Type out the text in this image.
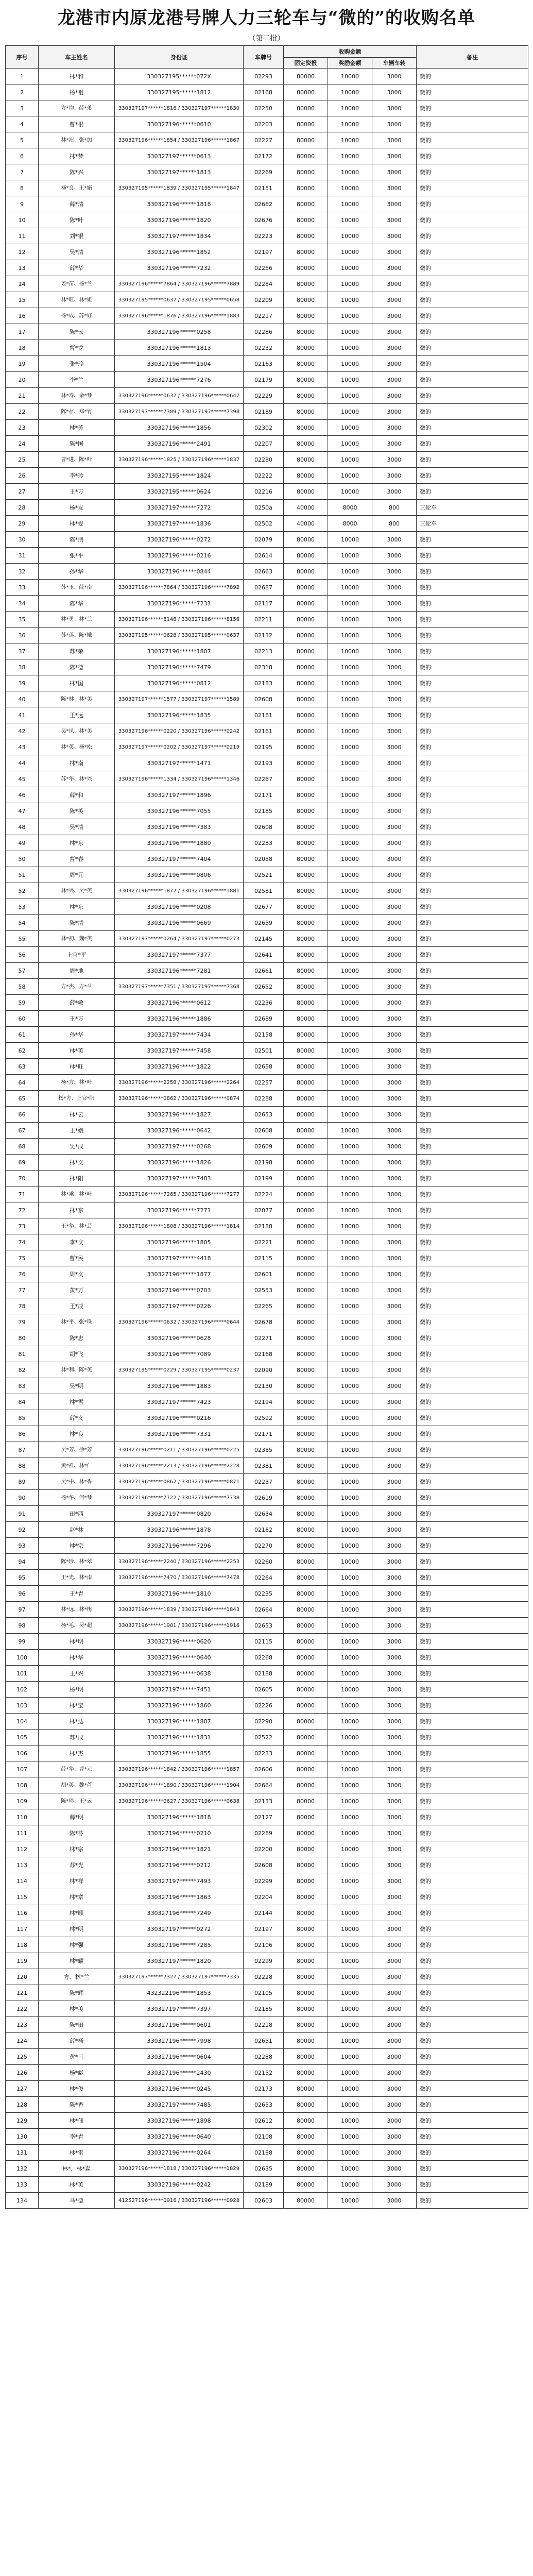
龙港市内原龙港号牌人力三轮车与“微的”的收购名单
（第二批）
序号	车主姓名	身份证	车牌号	收购金额			备注
				固定资报	奖励金额	车辆车转	
1	林*和	330327195******072X	02293	80000	10000	3000	微的
2	杨*祖	330327195******1812	02168	80000	10000	3000	微的
3	方*均、薛*弟	330327197******1816 / 330327197******1830	02250	80000	10000	3000	微的
4	曹*根	330327196******0610	02203	80000	10000	3000	微的
5	林*演、张*加	330327196******1854 / 330327196******1867	02227	80000	10000	3000	微的
6	林*梦	330327197******0613	02172	80000	10000	3000	微的
7	陈*兴	330327197******1813	02269	80000	10000	3000	微的
8	杨*良、王*娟	330327195******1839 / 330327195******1847	02151	80000	10000	3000	微的
9	薛*清	330327196******1818	02662	80000	10000	3000	微的
10	陈*叶	330327196******1820	02676	80000	10000	3000	微的
11	刘*银	330327197******1834	02223	80000	10000	3000	微的
12	吴*清	330327196******1852	02197	80000	10000	3000	微的
13	薛*华	330327196******7232	02256	80000	10000	3000	微的
14	姜*苗、杨*兰	330327196******7864 / 330327196******7889	02284	80000	10000	3000	微的
15	林*旺、林*姐	330327195******0637 / 330327195******0658	02209	80000	10000	3000	微的
16	杨*成、苏*好	330327196******1876 / 330327196******1883	02217	80000	10000	3000	微的
17	陈*云	330327196******0258	02286	80000	10000	3000	微的
18	曹*龙	330327196******1813	02232	80000	10000	3000	微的
19	张*珍	330327196******1504	02163	80000	10000	3000	微的
20	李*兰	330327196******7276	02179	80000	10000	3000	微的
21	林*寿、余*琴	330327196******0637 / 330327196******0647	02229	80000	10000	3000	微的
22	陈*存、郑*竹	330327197******7389 / 330327197******7398	02189	80000	10000	3000	微的
23	林*芳	330327196******1856	02302	80000	10000	3000	微的
24	陈*国	330327196******2491	02207	80000	10000	3000	微的
25	曹*进、陈*叶	330327196******1825 / 330327196******1837	02280	80000	10000	3000	微的
26	李*珍	330327195******1824	02222	80000	10000	3000	微的
27	王*万	330327195******0624	02216	80000	10000	3000	微的
28	杨*友	330327197******7272	0250a	40000	8000	800	三轮车
29	林*爱	330327197******1836	02502	40000	8000	800	三轮车
30	陈*朋	330327196******0272	02079	80000	10000	3000	微的
31	张*平	330327196******0216	02614	80000	10000	3000	微的
32	孙*华	330327196******0844	02663	80000	10000	3000	微的
33	苏*玉、薛*南	330327196******7864 / 330327196******7892	02687	80000	10000	3000	微的
34	陈*华	330327196******7231	02117	80000	10000	3000	微的
35	林*勇、林*兰	330327196******8148 / 330327196******8156	02211	80000	10000	3000	微的
36	苏*莲、陈*娥	330327195******0628 / 330327195******0637	02132	80000	10000	3000	微的
37	苏*荣	330327196******1807	02213	80000	10000	3000	微的
38	陈*德	330327196******7479	02318	80000	10000	3000	微的
39	林*国	330327196******0812	02183	80000	10000	3000	微的
40	陈*林、林*美	330327197******1577 / 330327197******1589	02608	80000	10000	3000	微的
41	王*远	330327196******1835	02181	80000	10000	3000	微的
42	吴*凤、林*美	330327196******0220 / 330327196******0242	02161	80000	10000	3000	微的
43	林*英、杨*松	330327197******0202 / 330327197******0219	02195	80000	10000	3000	微的
44	林*南	330327197******1471	02193	80000	10000	3000	微的
45	苏*华、林*兴	330327196******1334 / 330327196******1346	02267	80000	10000	3000	微的
46	薛*和	330327197******1896	02171	80000	10000	3000	微的
47	陈*英	330327196******7055	02185	80000	10000	3000	微的
48	吴*清	330327196******7383	02608	80000	10000	3000	微的
49	林*东	330327196******1880	02283	80000	10000	3000	微的
50	曹*春	330327197******7404	02058	80000	10000	3000	微的
51	周*元	330327196******0806	02521	80000	10000	3000	微的
52	林*兴、吴*英	330327196******1872 / 330327196******1881	02581	80000	10000	3000	微的
53	林*东	330327196******0208	02677	80000	10000	3000	微的
54	陈*清	330327196******0669	02659	80000	10000	3000	微的
55	林*初、魏*英	330327197******0264 / 330327197******0273	02145	80000	10000	3000	微的
56	上官*平	330327197******7377	02641	80000	10000	3000	微的
57	周*地	330327196******7281	02661	80000	10000	3000	微的
58	方*杰、方*兰	330327197******7351 / 330327197******7368	02652	80000	10000	3000	微的
59	薛*敏	330327196******0612	02236	80000	10000	3000	微的
60	王*万	330327196******1886	02689	80000	10000	3000	微的
61	孙*华	330327197******7434	02158	80000	10000	3000	微的
62	林*英	330327197******7458	02501	80000	10000	3000	微的
63	林*旺	330327196******1822	02658	80000	10000	3000	微的
64	杨*方、林*叶	330327196******2258 / 330327196******2264	02257	80000	10000	3000	微的
65	杨*方、上官*阳	330327196******0862 / 330327196******0874	02288	80000	10000	3000	微的
66	林*云	330327196******1827	02653	80000	10000	3000	微的
67	王*娥	330327196******0642	02608	80000	10000	3000	微的
68	吴*成	330327197******0268	02609	80000	10000	3000	微的
69	林*义	330327196******1826	02198	80000	10000	3000	微的
70	林*阳	330327197******7483	02199	80000	10000	3000	微的
71	林*乘、林*叶	330327196******7265 / 330327196******7277	02224	80000	10000	3000	微的
72	林*东	330327196******7271	02077	80000	10000	3000	微的
73	王*华、林*芸	330327196******1808 / 330327196******1814	02188	80000	10000	3000	微的
74	李*文	330327196******1805	02221	80000	10000	3000	微的
75	曹*民	330327197******4418	02115	80000	10000	3000	微的
76	周*义	330327196******1877	02601	80000	10000	3000	微的
77	黄*万	330327196******0703	02553	80000	10000	3000	微的
78	王*成	330327197******0226	02265	80000	10000	3000	微的
79	林*平、张*珠	330327196******0632 / 330327196******0644	02678	80000	10000	3000	微的
80	陈*忠	330327196******0628	02271	80000	10000	3000	微的
81	胡*飞	330327196******7089	02168	80000	10000	3000	微的
82	林*利、陈*英	330327195******0229 / 330327195******0237	02090	80000	10000	3000	微的
83	吴*明	330327196******1883	02130	80000	10000	3000	微的
84	林*雪	330327197******7423	02194	80000	10000	3000	微的
85	薛*义	330327196******0216	02592	80000	10000	3000	微的
86	林*良	330327196******7331	02171	80000	10000	3000	微的
87	吴*芳、徐*芳	330327196******0211 / 330327196******0225	02385	80000	10000	3000	微的
88	黄*祥、林*仁	330327196******2213 / 330327196******2228	02381	80000	10000	3000	微的
89	吴*中、林*香	330327196******0862 / 330327196******0871	02237	80000	10000	3000	微的
90	杨*华、何*琴	330327196******7722 / 330327196******7738	02619	80000	10000	3000	微的
91	田*西	330327197******0820	02634	80000	10000	3000	微的
92	赵*林	330327196******1878	02162	80000	10000	3000	微的
93	林*宗	330327196******7296	02270	80000	10000	3000	微的
94	陈*珍、林*翠	330327196******2240 / 330327196******2253	02260	80000	10000	3000	微的
95	王*光、林*南	330327196******7470 / 330327196******7478	02264	80000	10000	3000	微的
96	王*青	330327196******1810	02235	80000	10000	3000	微的
97	林*远、林*梅	330327196******1839 / 330327196******1843	02664	80000	10000	3000	微的
98	杨*毛、吴*超	330327196******1901 / 330327196******1916	02653	80000	10000	3000	微的
99	林*明	330327196******0620	02115	80000	10000	3000	微的
100	林*华	330327196******0640	02268	80000	10000	3000	微的
101	王*兴	330327196******0638	02188	80000	10000	3000	微的
102	杨*明	330327197******7451	02605	80000	10000	3000	微的
103	林*宝	330327196******1860	02226	80000	10000	3000	微的
104	林*达	330327196******1887	02290	80000	10000	3000	微的
105	苏*成	330327196******1831	02522	80000	10000	3000	微的
106	林*杰	330327196******1855	02233	80000	10000	3000	微的
107	薛*华、曹*元	330327196******1842 / 330327196******1857	02606	80000	10000	3000	微的
108	胡*英、魏*芦	330327196******1890 / 330327196******1904	02664	80000	10000	3000	微的
109	陈*珍、王*云	330327196******0627 / 330327196******0638	02133	80000	10000	3000	微的
110	薛*明	330327196******1818	02127	80000	10000	3000	微的
111	陈*芬	330327196******0210	02289	80000	10000	3000	微的
112	林*宗	330327196******1821	02200	80000	10000	3000	微的
113	苏*光	330327196******0212	02608	80000	10000	3000	微的
114	林*祥	330327197******7493	02299	80000	10000	3000	微的
115	林*章	330327196******1863	02204	80000	10000	3000	微的
116	林*顺	330327196******7249	02144	80000	10000	3000	微的
117	林*明	330327197******0272	02197	80000	10000	3000	微的
118	林*强	330327196******7285	02106	80000	10000	3000	微的
119	林*耀	330327197******1820	02299	80000	10000	3000	微的
120	方、林*兰	330327197******7327 / 330327197******7335	02228	80000	10000	3000	微的
121	陈*辉	432322196******1853	02105	80000	10000	3000	微的
122	林*美	330327197******7397	02185	80000	10000	3000	微的
123	陈*田	330327196******0601	02218	80000	10000	3000	微的
124	薛*杨	330327196******7998	02651	80000	10000	3000	微的
125	黄*三	330327196******0604	02288	80000	10000	3000	微的
126	杨*彪	330327196******2430	02152	80000	10000	3000	微的
127	林*俊	330327196******0245	02173	80000	10000	3000	微的
128	陈*香	330327197******7485	02653	80000	10000	3000	微的
129	林*佃	330327196******1898	02612	80000	10000	3000	微的
130	李*青	330327196******0640	02108	80000	10000	3000	微的
131	林*雷	330327196******0264	02188	80000	10000	3000	微的
132	林*，林*森	330327196******1818 / 330327196******1829	02635	80000	10000	3000	微的
133	林*英	330327196******0242	02189	80000	10000	3000	微的
134	马*德	412527196******0916 / 330327196******0928	02603	80000	10000	3000	微的
